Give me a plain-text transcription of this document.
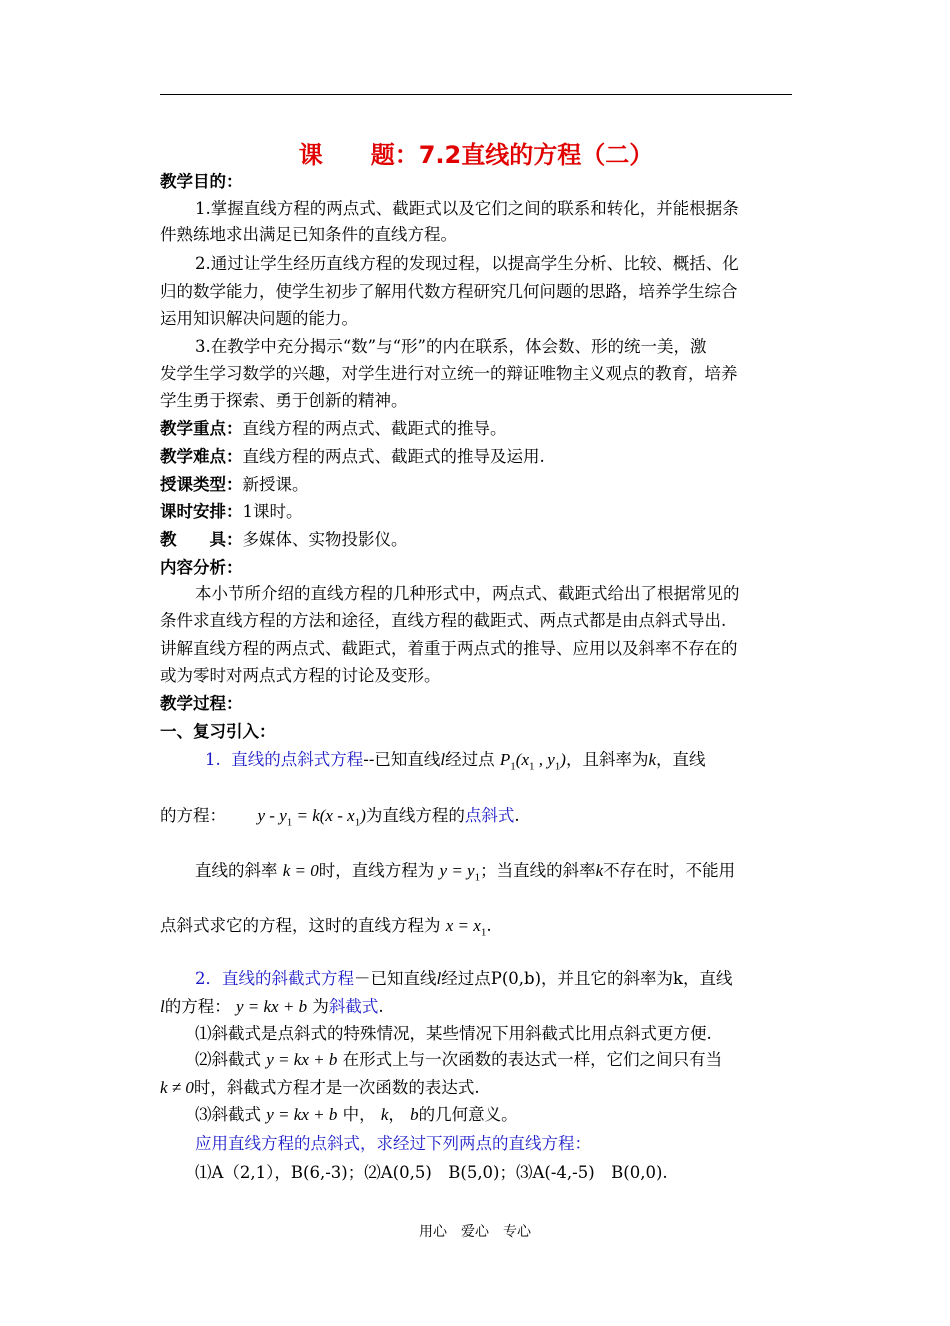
课　　题：7.2直线的方程（二）
教学目的：
1.掌握直线方程的两点式、截距式以及它们之间的联系和转化，并能根据条
件熟练地求出满足已知条件的直线方程。
2.通过让学生经历直线方程的发现过程，以提高学生分析、比较、概括、化
归的数学能力，使学生初步了解用代数方程研究几何问题的思路，培养学生综合
运用知识解决问题的能力。
3.在教学中充分揭示“数”与“形”的内在联系，体会数、形的统一美，激
发学生学习数学的兴趣，对学生进行对立统一的辩证唯物主义观点的教育，培养
学生勇于探索、勇于创新的精神。
教学重点：直线方程的两点式、截距式的推导。
教学难点：直线方程的两点式、截距式的推导及运用.
授课类型：新授课。
课时安排：1课时。
教　　具：多媒体、实物投影仪。
内容分析：
本小节所介绍的直线方程的几种形式中，两点式、截距式给出了根据常见的
条件求直线方程的方法和途径，直线方程的截距式、两点式都是由点斜式导出.
讲解直线方程的两点式、截距式，着重于两点式的推导、应用以及斜率不存在的
或为零时对两点式方程的讨论及变形。
教学过程：
一、复习引入：
1. 直线的点斜式方程--已知直线l经过点 $P_1(x_1$ , $y_1$)，且斜率为k，直线
的方程： $y - y_1 = k(x - x_1)$为直线方程的点斜式.
直线的斜率 k = 0时，直线方程为 $y = y_1$；当直线的斜率k不存在时，不能用
点斜式求它的方程，这时的直线方程为 $x = x_1$.
2．直线的斜截式方程－已知直线l经过点P(0,b)，并且它的斜率为k，直线
l的方程： y = kx + b 为斜截式.
⑴斜截式是点斜式的特殊情况，某些情况下用斜截式比用点斜式更方便.
⑵斜截式 y = kx + b 在形式上与一次函数的表达式一样，它们之间只有当
k ≠ 0时，斜截式方程才是一次函数的表达式.
⑶斜截式 y = kx + b 中， k， b的几何意义。
应用直线方程的点斜式，求经过下列两点的直线方程：
⑴A（2,1），B(6,-3)；⑵A(0,5)　B(5,0)；⑶A(-4,-5)　B(0,0).
用心　爱心　专心
